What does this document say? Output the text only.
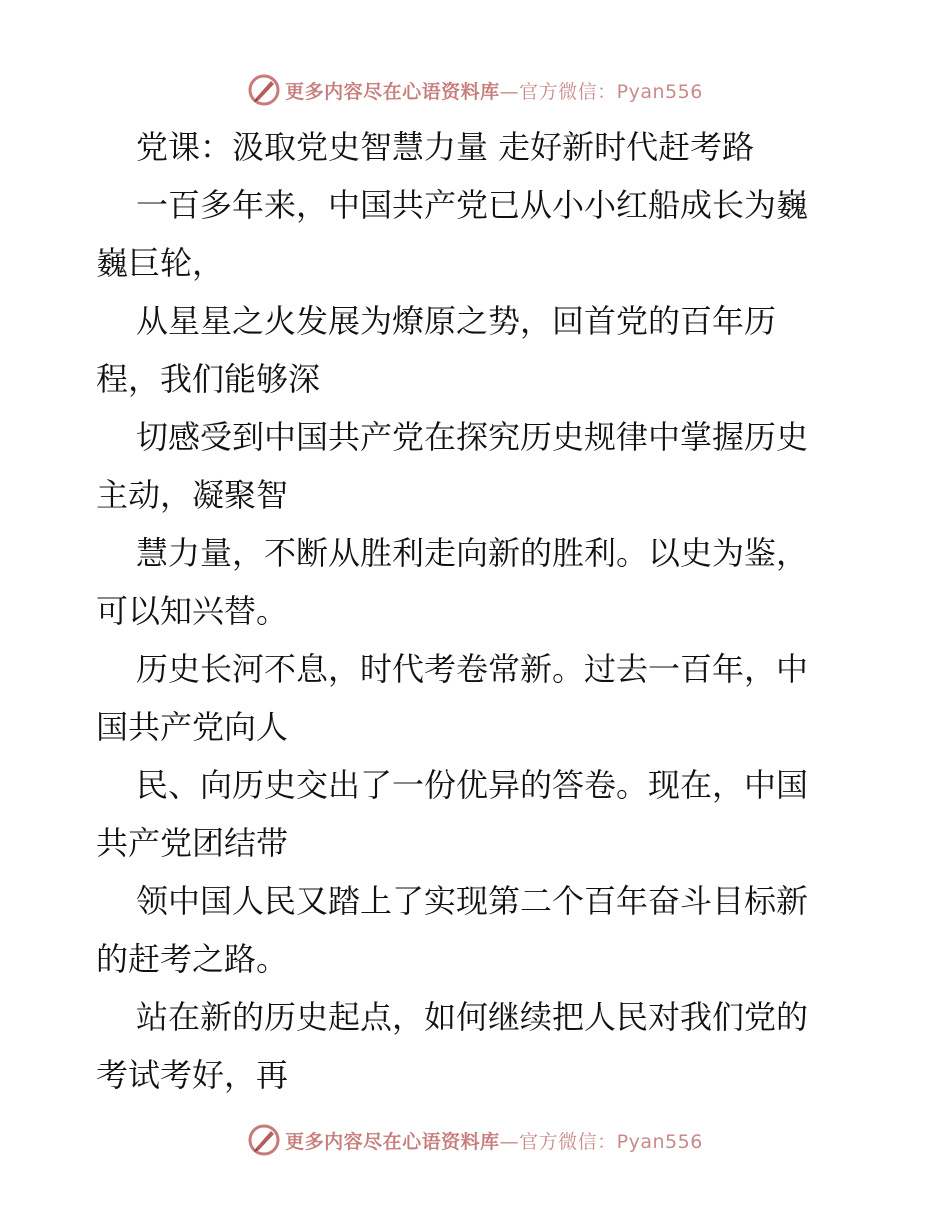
更多内容尽在心语资料库—官方微信：Pyan556
党课：汲取党史智慧力量 走好新时代赶考路
一百多年来，中国共产党已从小小红船成长为巍
巍巨轮，
从星星之火发展为燎原之势，回首党的百年历
程，我们能够深
切感受到中国共产党在探究历史规律中掌握历史
主动，凝聚智
慧力量，不断从胜利走向新的胜利。以史为鉴，
可以知兴替。
历史长河不息，时代考卷常新。过去一百年，中
国共产党向人
民、向历史交出了一份优异的答卷。现在，中国
共产党团结带
领中国人民又踏上了实现第二个百年奋斗目标新
的赶考之路。
站在新的历史起点，如何继续把人民对我们党的
考试考好，再
更多内容尽在心语资料库—官方微信：Pyan556
